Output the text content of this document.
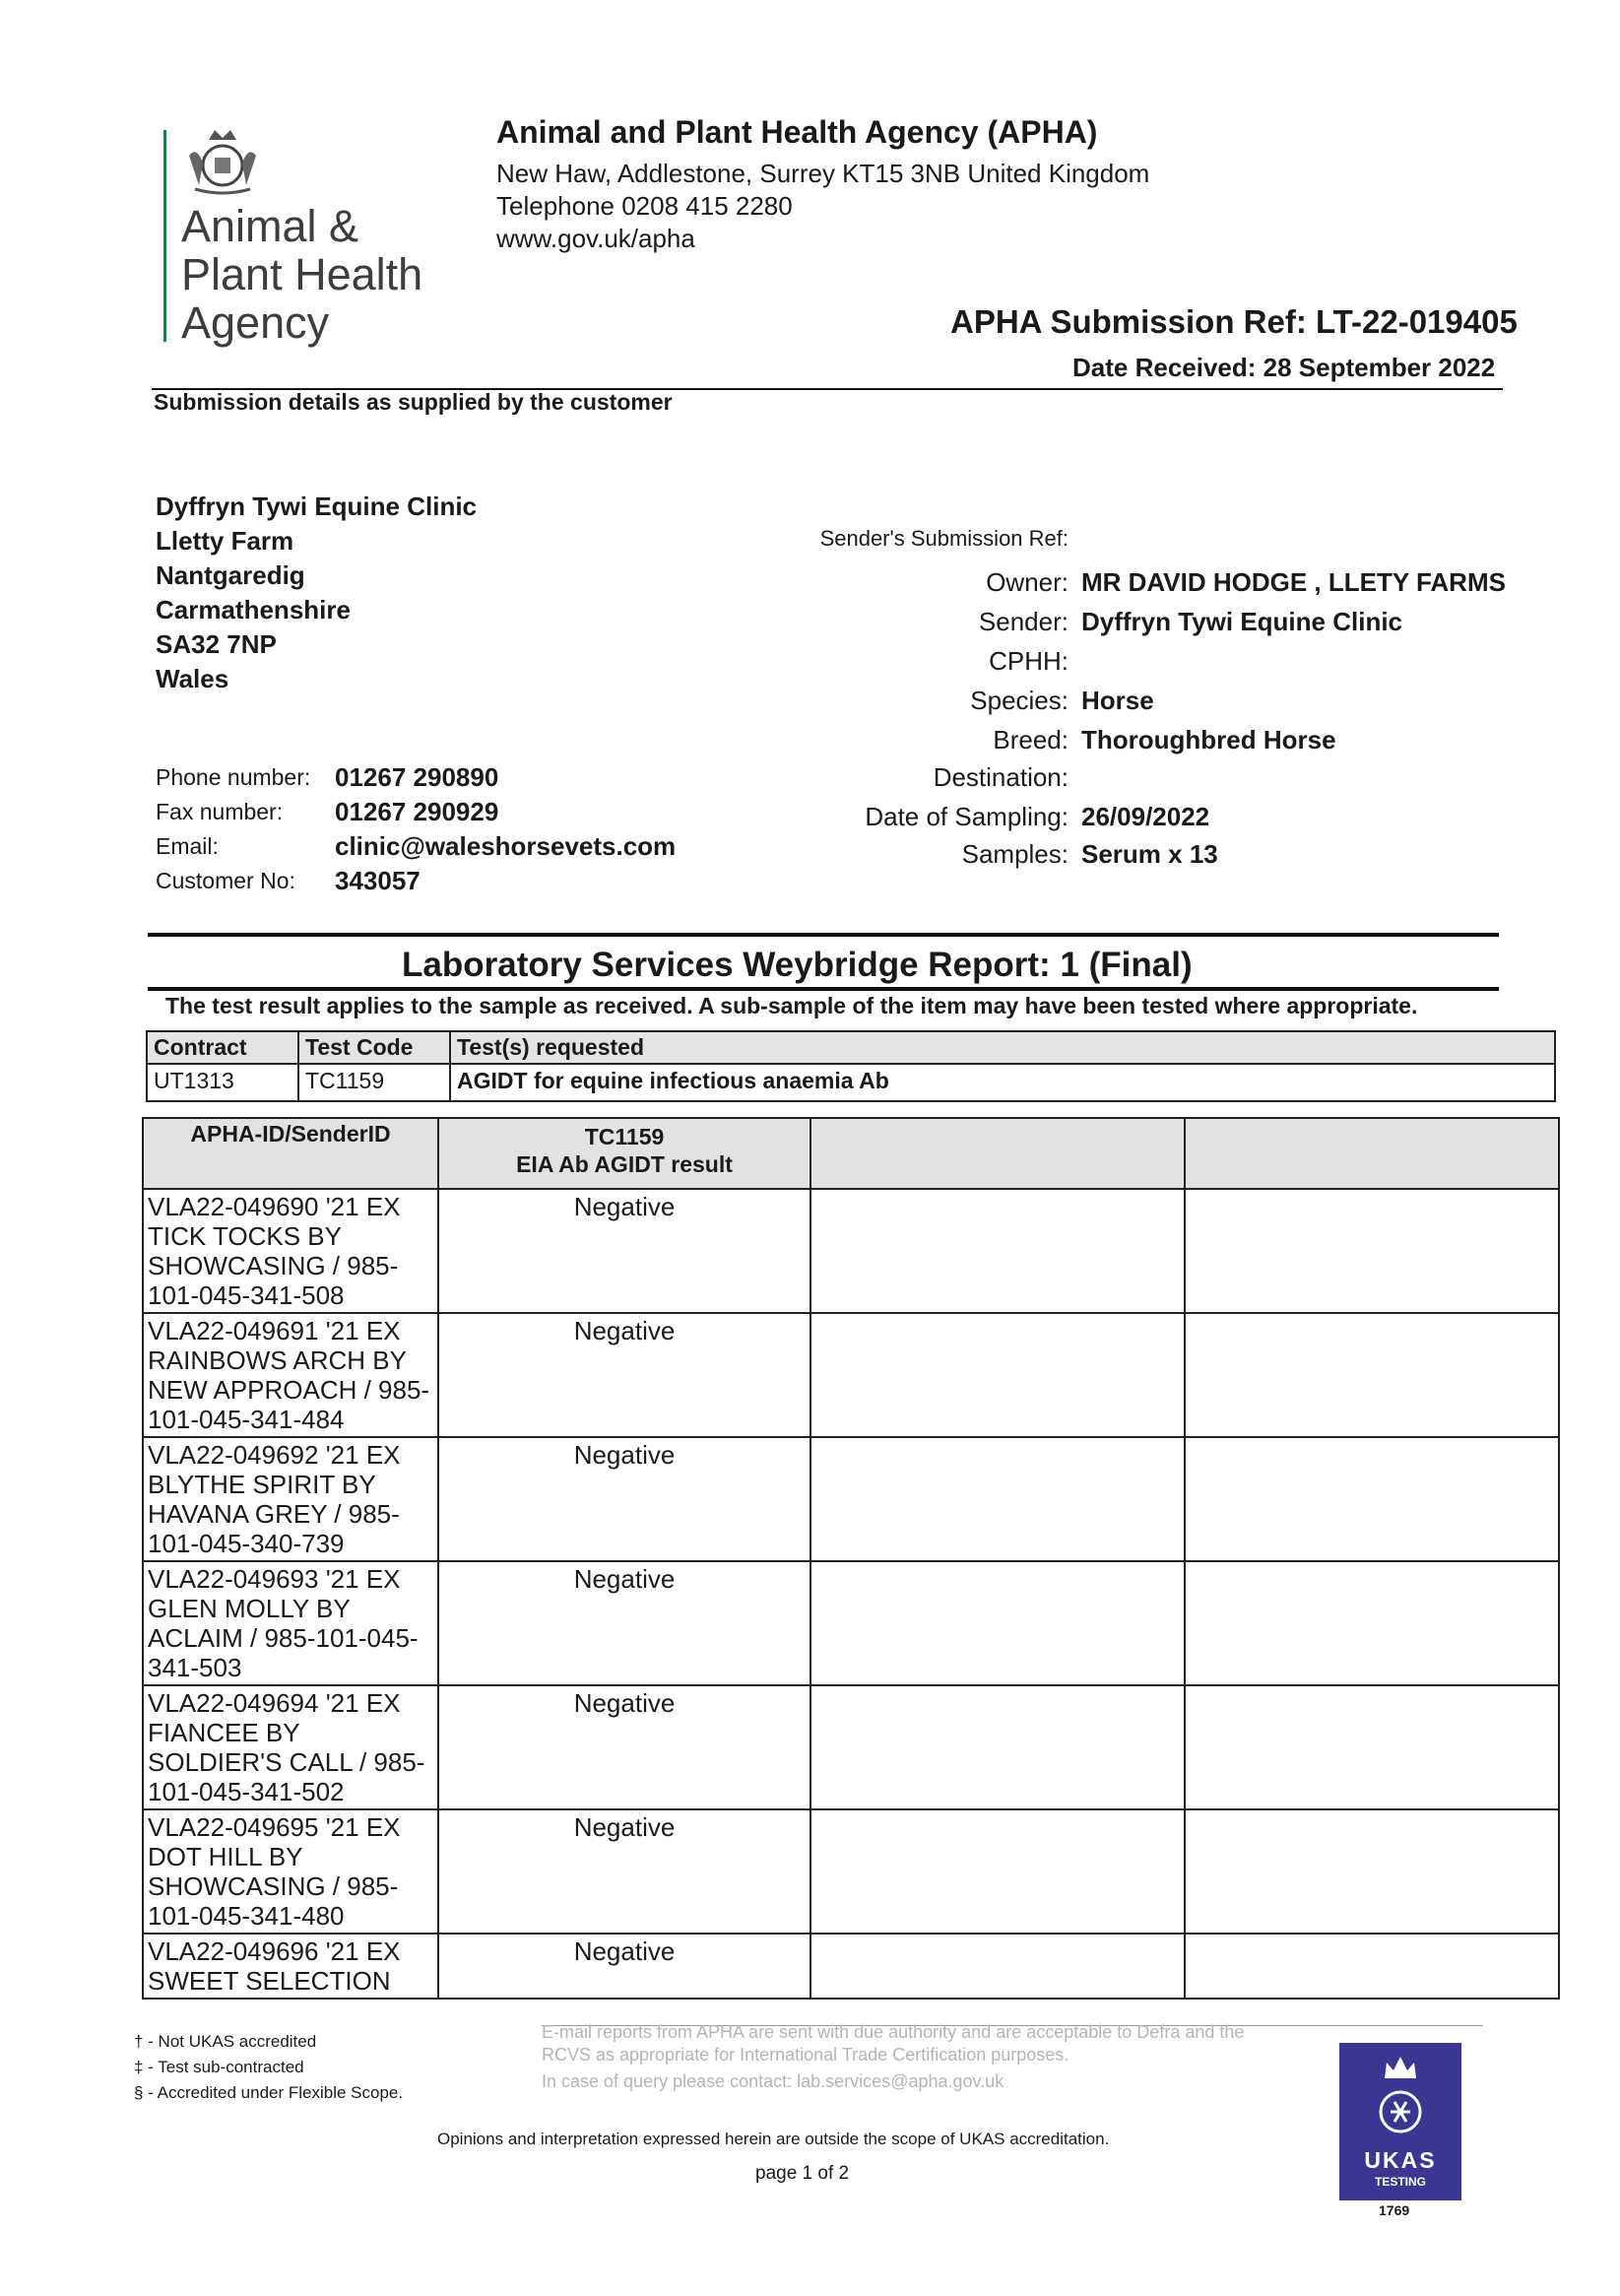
Animal &
Plant Health
Agency
Animal and Plant Health Agency (APHA)
New Haw, Addlestone, Surrey KT15 3NB United Kingdom
Telephone 0208 415 2280
www.gov.uk/apha
APHA Submission Ref: LT-22-019405
Date Received: 28 September 2022
Submission details as supplied by the customer
Dyffryn Tywi Equine Clinic
Lletty Farm
Nantgaredig
Carmathenshire
SA32 7NP
Wales
Phone number: 01267 290890
Fax number:	01267 290929
Email:	clinic@waleshorsevets.com
Customer No:	343057
Sender's Submission Ref:
Owner: MR DAVID HODGE , LLETY FARMS
Sender: Dyffryn Tywi Equine Clinic
CPHH:
Species: Horse
Breed: Thoroughbred Horse
Destination:
Date of Sampling: 26/09/2022
Samples: Serum x 13
Laboratory Services Weybridge Report: 1 (Final)
The test result applies to the sample as received. A sub-sample of the item may have been tested where appropriate.
Contract	Test Code	Test(s) requested
UT1313	TC1159	AGIDT for equine infectious anaemia Ab
APHA-ID/SenderID	TC1159
EIA Ab AGIDT result		

VLA22-049690 '21 EX TICK TOCKS BY SHOWCASING / 985-101-045-341-508	Negative		
VLA22-049691 '21 EX RAINBOWS ARCH BY NEW APPROACH / 985-101-045-341-484	Negative		
VLA22-049692 '21 EX BLYTHE SPIRIT BY HAVANA GREY / 985-101-045-340-739	Negative		
VLA22-049693 '21 EX GLEN MOLLY BY ACLAIM / 985-101-045-341-503	Negative		
VLA22-049694 '21 EX FIANCEE BY SOLDIER'S CALL / 985-101-045-341-502	Negative		
VLA22-049695 '21 EX DOT HILL BY SHOWCASING / 985-101-045-341-480	Negative		
VLA22-049696 '21 EX SWEET SELECTION	Negative		
† - Not UKAS accredited
‡ - Test sub-contracted
§ - Accredited under Flexible Scope.
E-mail reports from APHA are sent with due authority and are acceptable to Defra and the RCVS as appropriate for International Trade Certification purposes.
In case of query please contact: lab.services@apha.gov.uk
Opinions and interpretation expressed herein are outside the scope of UKAS accreditation.
page 1 of 2
UKAS
TESTING
1769
